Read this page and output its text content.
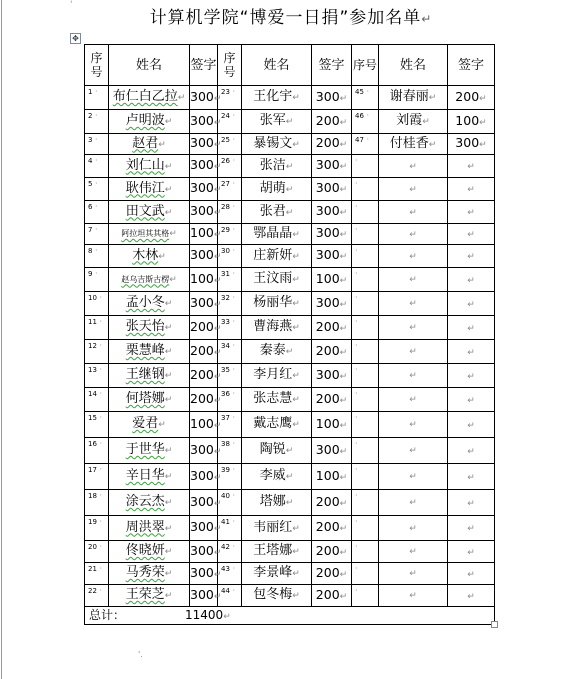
'
计算机学院“博爱一日捐”参加名单↵
✥
序号	姓名	签字	序号	姓名	签字	序号	姓名	签字
1 ·	布仁白乙拉↵	300↵	23 ·	王化宇↵	300↵	45 ·	谢春丽↵	200↵
2 ·	卢明波↵	300↵	24 ·	张军↵	200↵	46 ·	刘霞↵	100↵
3 ·	赵君↵	300↵	25 ·	暴锡文↵	200↵	47 ·	付桂香↵	300↵
4 ·	刘仁山↵	300↵	26 ·	张洁↵	300↵	·	↵	↵
5 ·	耿伟江↵	300↵	27 ·	胡萌↵	300↵	·	↵	↵
6 ·	田文武↵	300↵	28 ·	张君↵	300↵	·	↵	↵
7 ·	阿拉坦其其格↵	100↵	29 ·	鄂晶晶↵	300↵	·	↵	↵
8 ·	木林↵	300↵	30 ·	庄新妍↵	300↵	·	↵	↵
9 ·	赵乌吉斯古楞↵	100↵	31 ·	王汶雨↵	100↵	·	↵	↵
10 ·	孟小冬↵	300↵	32 ·	杨丽华↵	300↵	·	↵	↵
11 ·	张天怡↵	200↵	33 ·	曹海燕↵	200↵	·	↵	↵
12 ·	栗慧峰↵	200↵	34 ·	秦泰↵	200↵	·	↵	↵
13 ·	王继钢↵	200↵	35 ·	李月红↵	300↵	·	↵	↵
14 ·	何塔娜↵	200↵	36 ·	张志慧↵	200↵	·	↵	↵
15 ·	爱君↵	100↵	37 ·	戴志鹰↵	100↵	·	↵	↵
16 ·	于世华↵	300↵	38 ·	陶锐↵	300↵	·	↵	↵
17 ·	辛日华↵	300↵	39 ·	李威↵	100↵	·	↵	↵
18 ·	涂云杰↵	300↵	40 ·	塔娜↵	200↵	·	↵	↵
19 ·	周洪翠↵	300↵	41 ·	韦丽红↵	200↵	·	↵	↵
20 ·	佟晓妍↵	300↵	42 ·	王塔娜↵	200↵	·	↵	↵
21 ·	马秀荣↵	300↵	43 ·	李景峰↵	200↵	·	↵	↵
22 ·	王荣芝↵	300↵	44 ·	包冬梅↵	200↵	·	↵	↵
总计： 11400↵								
'.
